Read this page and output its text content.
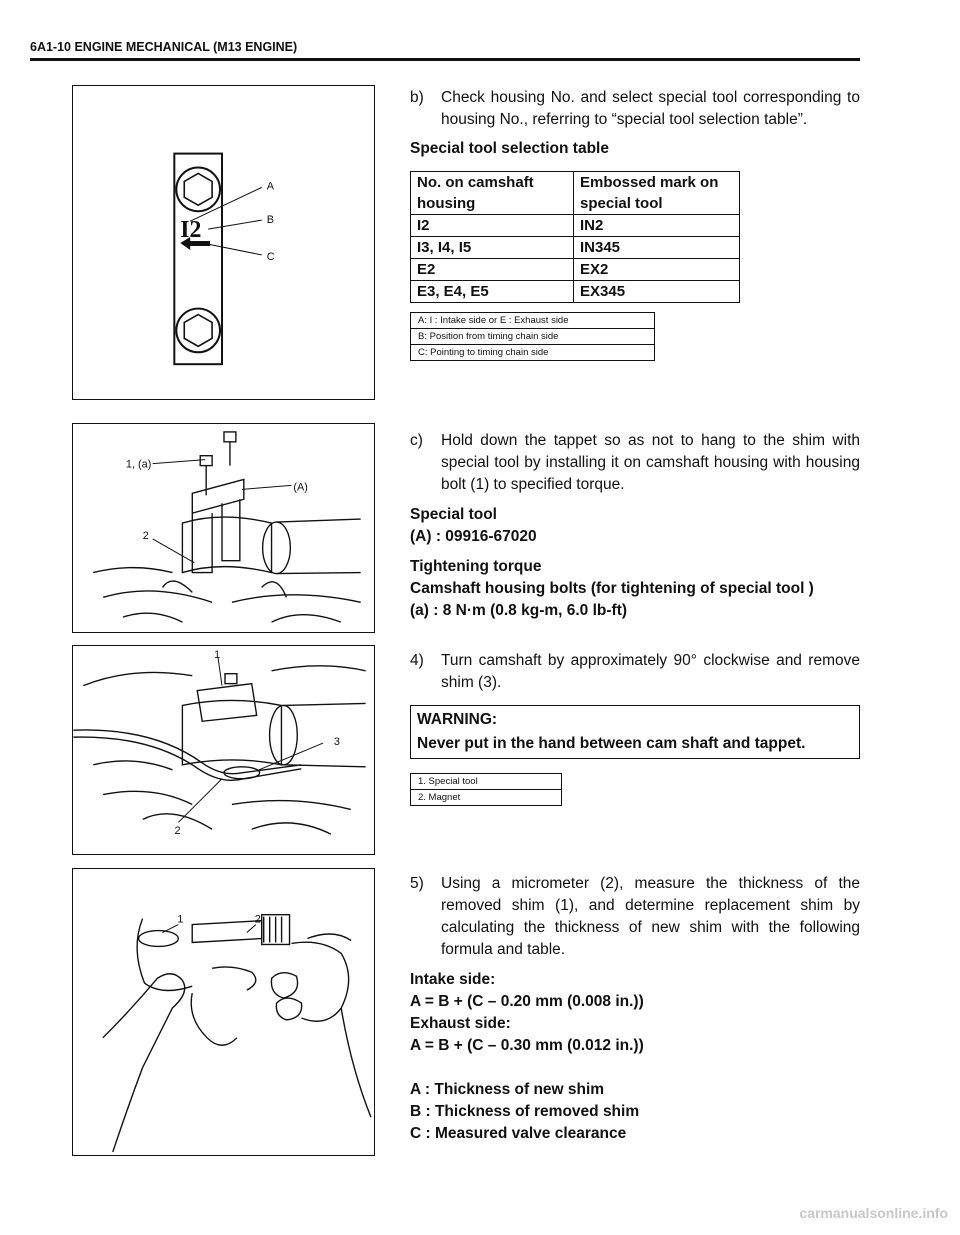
6A1-10 ENGINE MECHANICAL (M13 ENGINE)
I2
A
B
C
b)	Check housing No. and select special tool corresponding to housing No., referring to “special tool selection table”.
Special tool selection table
No. on camshaft housing	Embossed mark on special tool
I2	IN2
I3, I4, I5	IN345
E2	EX2
E3, E4, E5	EX345
A: I : Intake side or E : Exhaust side
B: Position from timing chain side
C: Pointing to timing chain side
1, (a)
(A)
2
c)	Hold down the tappet so as not to hang to the shim with special tool by installing it on camshaft housing with housing bolt (1) to specified torque.
Special tool
(A) : 09916-67020
Tightening torque
Camshaft housing bolts (for tightening of special tool )
(a) : 8 N·m (0.8 kg-m, 6.0 lb-ft)
1
3
2
4)	Turn camshaft by approximately 90° clockwise and remove shim (3).
WARNING:
Never put in the hand between cam shaft and tappet.
1. Special tool
2. Magnet
1	2
5)	Using a micrometer (2), measure the thickness of the removed shim (1), and determine replacement shim by calculating the thickness of new shim with the following formula and table.
Intake side:
A = B + (C – 0.20 mm (0.008 in.))
Exhaust side:
A = B + (C – 0.30 mm (0.012 in.))
A : Thickness of new shim
B : Thickness of removed shim
C : Measured valve clearance
carmanualsonline.info
